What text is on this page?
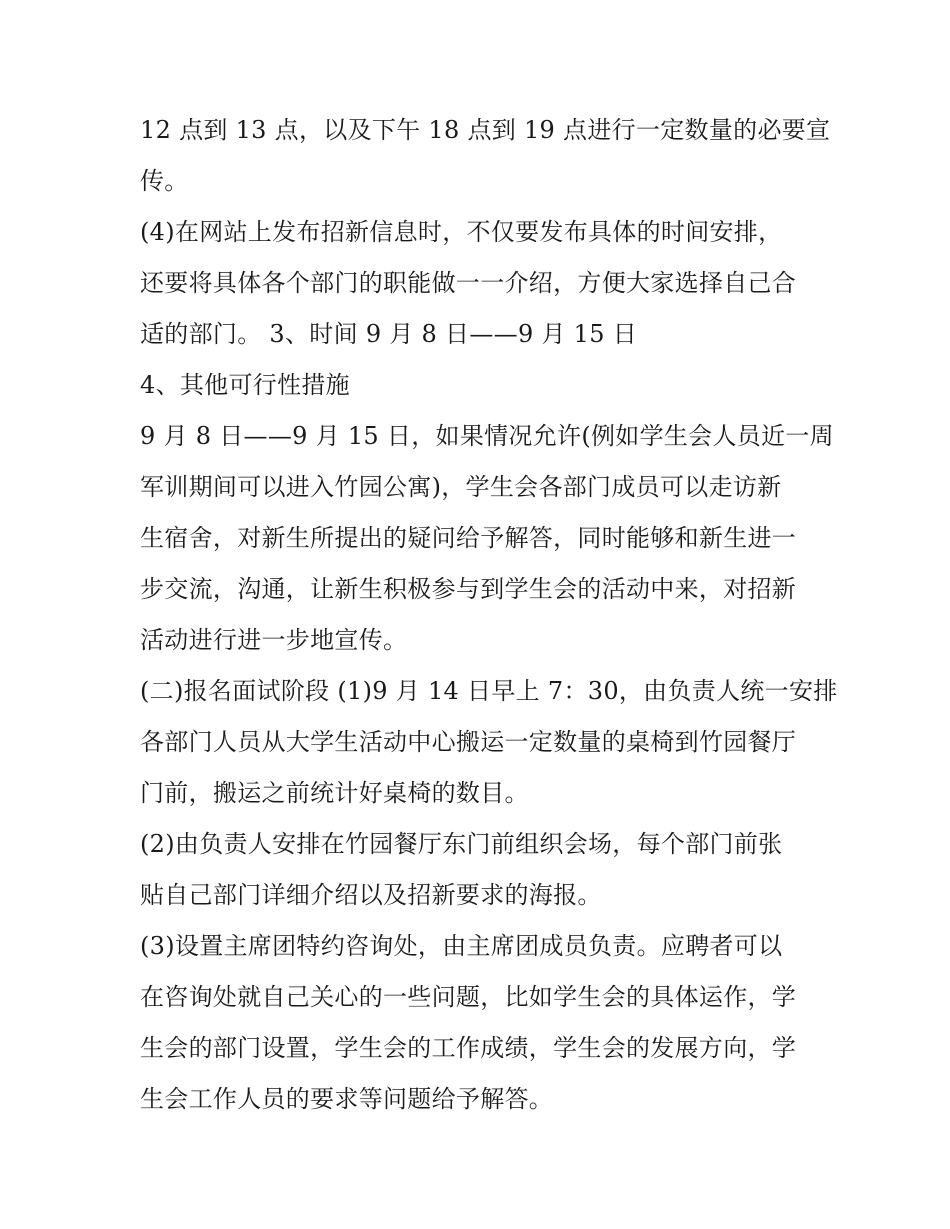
12 点到 13 点，以及下午 18 点到 19 点进行一定数量的必要宣
传。
(4)在网站上发布招新信息时，不仅要发布具体的时间安排，
还要将具体各个部门的职能做一一介绍，方便大家选择自己合
适的部门。 3、时间 9 月 8 日——9 月 15 日
4、其他可行性措施
9 月 8 日——9 月 15 日，如果情况允许(例如学生会人员近一周
军训期间可以进入竹园公寓)，学生会各部门成员可以走访新
生宿舍，对新生所提出的疑问给予解答，同时能够和新生进一
步交流，沟通，让新生积极参与到学生会的活动中来，对招新
活动进行进一步地宣传。
(二)报名面试阶段 (1)9 月 14 日早上 7：30，由负责人统一安排
各部门人员从大学生活动中心搬运一定数量的桌椅到竹园餐厅
门前，搬运之前统计好桌椅的数目。
(2)由负责人安排在竹园餐厅东门前组织会场，每个部门前张
贴自己部门详细介绍以及招新要求的海报。
(3)设置主席团特约咨询处，由主席团成员负责。应聘者可以
在咨询处就自己关心的一些问题，比如学生会的具体运作，学
生会的部门设置，学生会的工作成绩，学生会的发展方向，学
生会工作人员的要求等问题给予解答。
